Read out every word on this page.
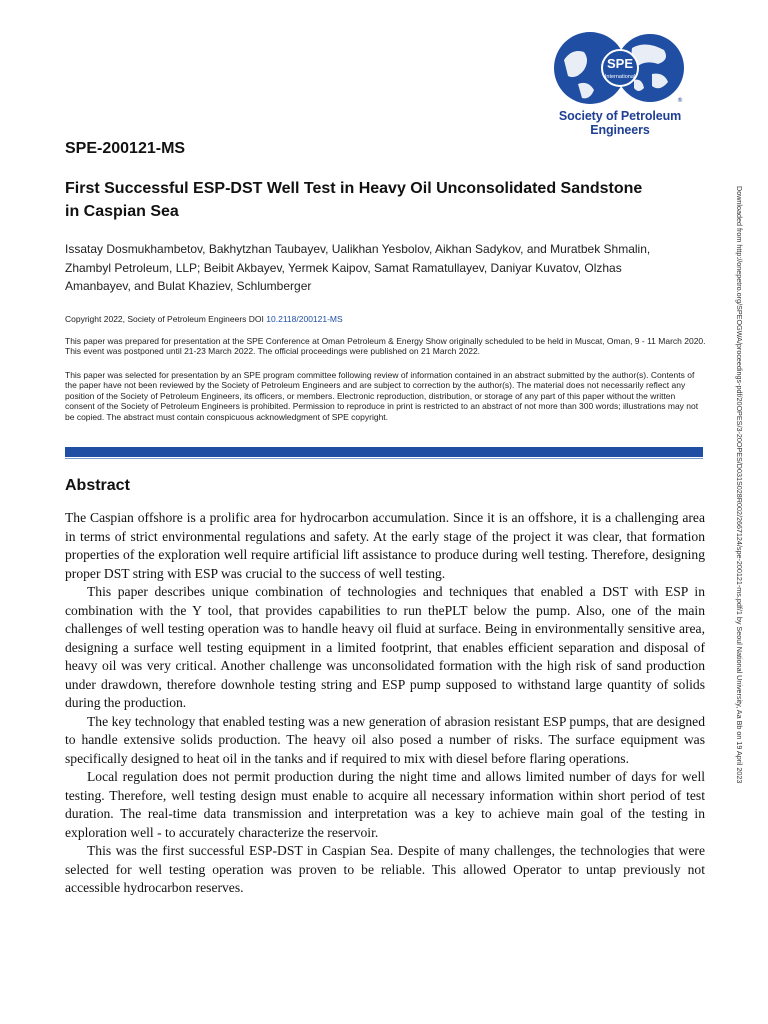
SPE
International
®
Society of Petroleum Engineers
SPE-200121-MS
First Successful ESP-DST Well Test in Heavy Oil Unconsolidated Sandstone
in Caspian Sea
Issatay Dosmukhambetov, Bakhytzhan Taubayev, Ualikhan Yesbolov, Aikhan Sadykov, and Muratbek Shmalin,
Zhambyl Petroleum, LLP; Beibit Akbayev, Yermek Kaipov, Samat Ramatullayev, Daniyar Kuvatov, Olzhas
Amanbayev, and Bulat Khaziev, Schlumberger

Copyright 2022, Society of Petroleum Engineers DOI 10.2118/200121-MS

This paper was prepared for presentation at the SPE Conference at Oman Petroleum & Energy Show originally scheduled to be held in Muscat, Oman, 9 - 11 March 2020. This event was postponed until 21-23 March 2022. The official proceedings were published on 21 March 2022.

This paper was selected for presentation by an SPE program committee following review of information contained in an abstract submitted by the author(s). Contents of the paper have not been reviewed by the Society of Petroleum Engineers and are subject to correction by the author(s). The material does not necessarily reflect any position of the Society of Petroleum Engineers, its officers, or members. Electronic reproduction, distribution, or storage of any part of this paper without the written consent of the Society of Petroleum Engineers is prohibited. Permission to reproduce in print is restricted to an abstract of not more than 300 words; illustrations may not be copied. The abstract must contain conspicuous acknowledgment of SPE copyright.

Abstract

The Caspian offshore is a prolific area for hydrocarbon accumulation. Since it is an offshore, it is a challenging area in terms of strict environmental regulations and safety. At the early stage of the project it was clear, that formation properties of the exploration well require artificial lift assistance to produce during well testing. Therefore, designing proper DST string with ESP was crucial to the success of well testing.

This paper describes unique combination of technologies and techniques that enabled a DST with ESP in combination with the Y tool, that provides capabilities to run thePLT below the pump. Also, one of the main challenges of well testing operation was to handle heavy oil fluid at surface. Being in environmentally sensitive area, designing a surface well testing equipment in a limited footprint, that enables efficient separation and disposal of heavy oil was very critical. Another challenge was unconsolidated formation with the high risk of sand production under drawdown, therefore downhole testing string and ESP pump supposed to withstand large quantity of solids during the production.

The key technology that enabled testing was a new generation of abrasion resistant ESP pumps, that are designed to handle extensive solids production. The heavy oil also posed a number of risks. The surface equipment was specifically designed to heat oil in the tanks and if required to mix with diesel before flaring operations.

Local regulation does not permit production during the night time and allows limited number of days for well testing. Therefore, well testing design must enable to acquire all necessary information within short period of test duration. The real-time data transmission and interpretation was a key to achieve main goal of the testing in exploration well - to accurately characterize the reservoir.

This was the first successful ESP-DST in Caspian Sea. Despite of many challenges, the technologies that were selected for well testing operation was proven to be reliable. This allowed Operator to untap previously not accessible hydrocarbon reserves.

Downloaded from http://onepetro.org/SPEOGWA/proceedings-pdf/20OPES/3-20OPES/D031S028R002/2667124/spe-200121-ms.pdf/1 by Seoul National University, Aa Bb on 19 April 2023
